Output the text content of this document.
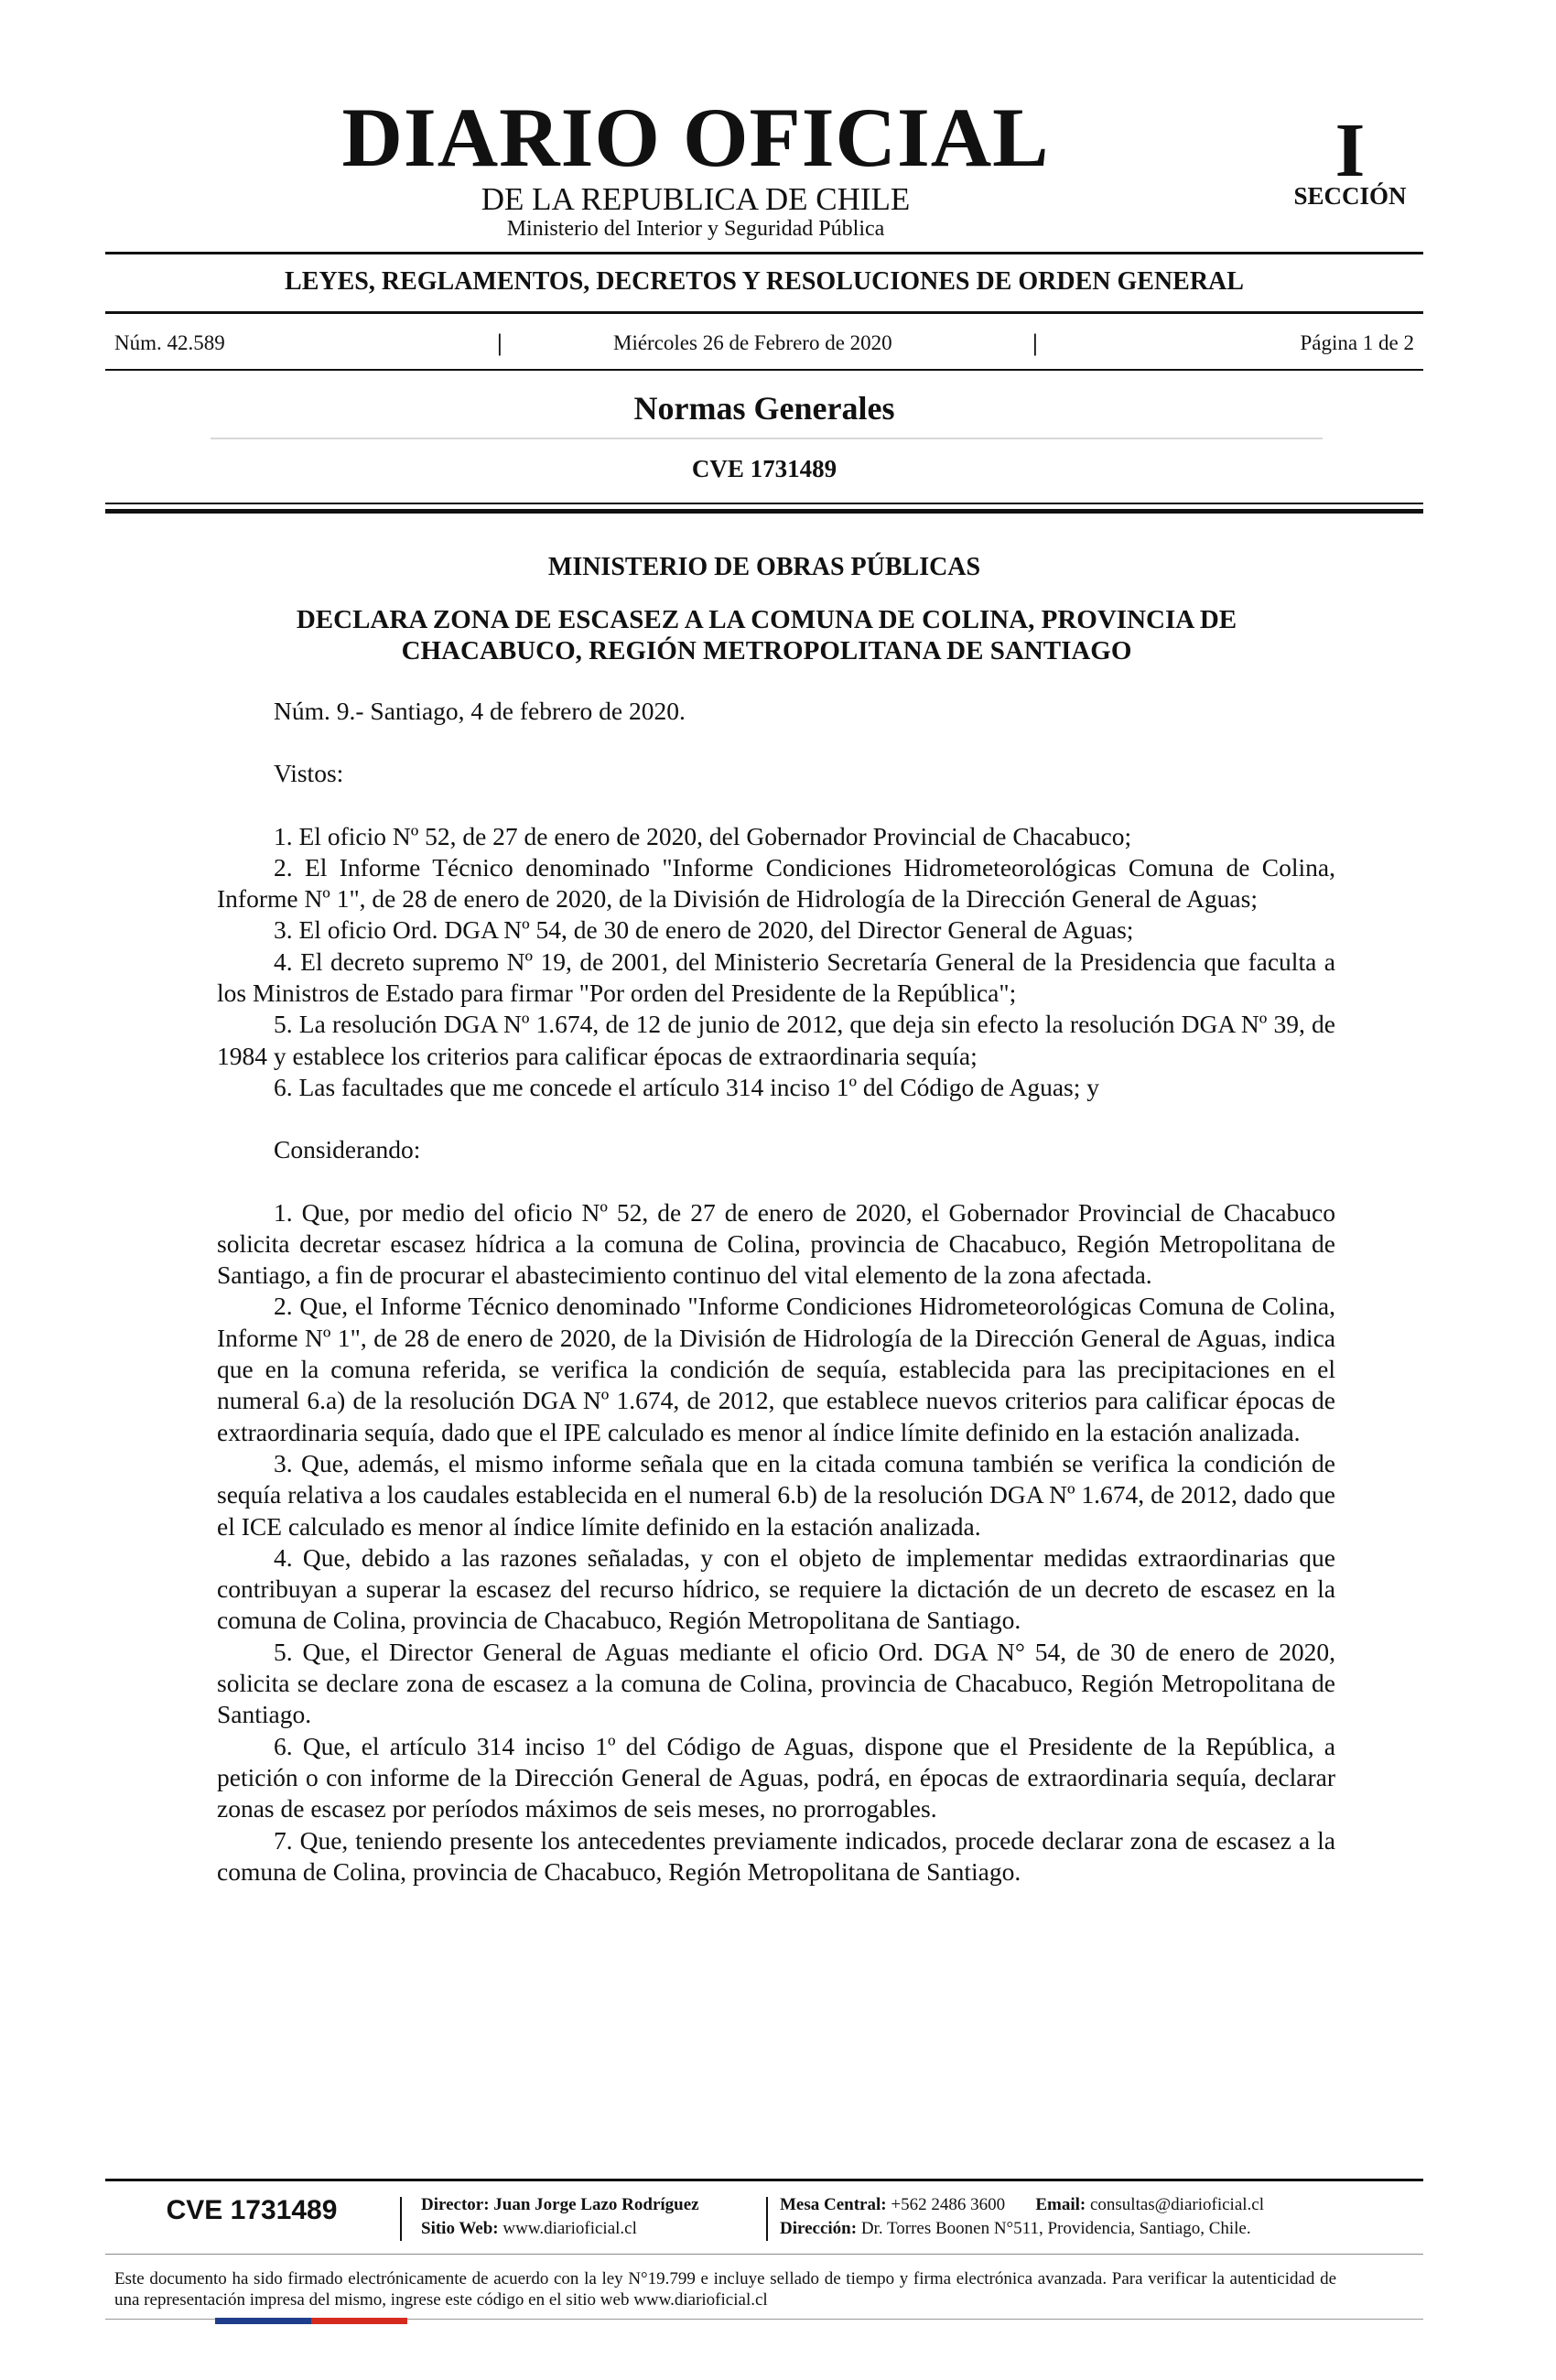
DIARIO OFICIAL
DE LA REPUBLICA DE CHILE
Ministerio del Interior y Seguridad Pública
I
SECCIÓN
LEYES, REGLAMENTOS, DECRETOS Y RESOLUCIONES DE ORDEN GENERAL
Núm. 42.589	|	Miércoles 26 de Febrero de 2020	|	Página 1 de 2
Normas Generales
CVE 1731489
MINISTERIO DE OBRAS PÚBLICAS
DECLARA ZONA DE ESCASEZ A LA COMUNA DE COLINA, PROVINCIA DE CHACABUCO, REGIÓN METROPOLITANA DE SANTIAGO

Núm. 9.- Santiago, 4 de febrero de 2020.

Vistos:

1. El oficio Nº 52, de 27 de enero de 2020, del Gobernador Provincial de Chacabuco;

2. El Informe Técnico denominado "Informe Condiciones Hidrometeorológicas Comuna de Colina, Informe Nº 1", de 28 de enero de 2020, de la División de Hidrología de la Dirección General de Aguas;

3. El oficio Ord. DGA Nº 54, de 30 de enero de 2020, del Director General de Aguas;

4. El decreto supremo Nº 19, de 2001, del Ministerio Secretaría General de la Presidencia que faculta a los Ministros de Estado para firmar "Por orden del Presidente de la República";

5. La resolución DGA Nº 1.674, de 12 de junio de 2012, que deja sin efecto la resolución DGA Nº 39, de 1984 y establece los criterios para calificar épocas de extraordinaria sequía;

6. Las facultades que me concede el artículo 314 inciso 1º del Código de Aguas; y

Considerando:

1. Que, por medio del oficio Nº 52, de 27 de enero de 2020, el Gobernador Provincial de Chacabuco solicita decretar escasez hídrica a la comuna de Colina, provincia de Chacabuco, Región Metropolitana de Santiago, a fin de procurar el abastecimiento continuo del vital elemento de la zona afectada.

2. Que, el Informe Técnico denominado "Informe Condiciones Hidrometeorológicas Comuna de Colina, Informe Nº 1", de 28 de enero de 2020, de la División de Hidrología de la Dirección General de Aguas, indica que en la comuna referida, se verifica la condición de sequía, establecida para las precipitaciones en el numeral 6.a) de la resolución DGA Nº 1.674, de 2012, que establece nuevos criterios para calificar épocas de extraordinaria sequía, dado que el IPE calculado es menor al índice límite definido en la estación analizada.

3. Que, además, el mismo informe señala que en la citada comuna también se verifica la condición de sequía relativa a los caudales establecida en el numeral 6.b) de la resolución DGA Nº 1.674, de 2012, dado que el ICE calculado es menor al índice límite definido en la estación analizada.

4. Que, debido a las razones señaladas, y con el objeto de implementar medidas extraordinarias que contribuyan a superar la escasez del recurso hídrico, se requiere la dictación de un decreto de escasez en la comuna de Colina, provincia de Chacabuco, Región Metropolitana de Santiago.

5. Que, el Director General de Aguas mediante el oficio Ord. DGA N° 54, de 30 de enero de 2020, solicita se declare zona de escasez a la comuna de Colina, provincia de Chacabuco, Región Metropolitana de Santiago.

6. Que, el artículo 314 inciso 1º del Código de Aguas, dispone que el Presidente de la República, a petición o con informe de la Dirección General de Aguas, podrá, en épocas de extraordinaria sequía, declarar zonas de escasez por períodos máximos de seis meses, no prorrogables.

7. Que, teniendo presente los antecedentes previamente indicados, procede declarar zona de escasez a la comuna de Colina, provincia de Chacabuco, Región Metropolitana de Santiago.

CVE 1731489	Director: Juan Jorge Lazo Rodríguez
Sitio Web: www.diarioficial.cl
Mesa Central: +562 2486 3600 Email: consultas@diarioficial.cl
Dirección: Dr. Torres Boonen N°511, Providencia, Santiago, Chile.
Este documento ha sido firmado electrónicamente de acuerdo con la ley N°19.799 e incluye sellado de tiempo y firma electrónica avanzada. Para verificar la autenticidad de una representación impresa del mismo, ingrese este código en el sitio web www.diarioficial.cl
